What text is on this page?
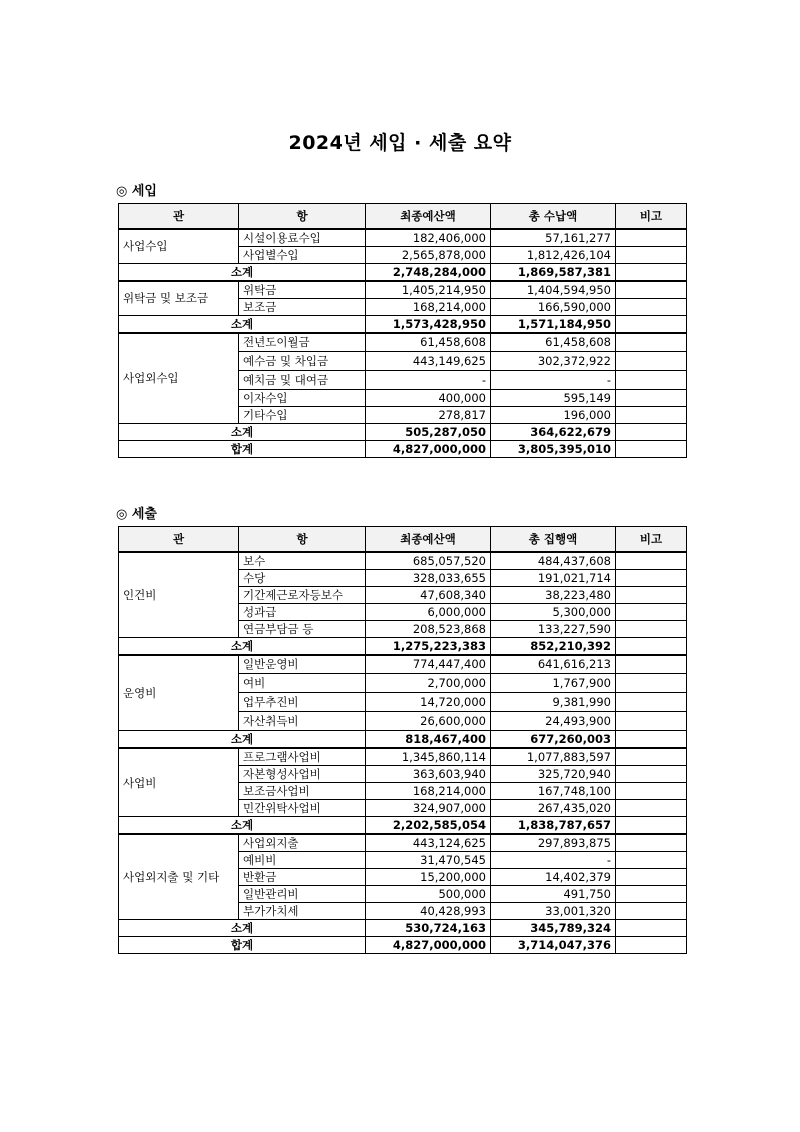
2024년 세입 · 세출 요약
◎ 세입
관	항	최종예산액	총 수납액	비고
사업수입	시설이용료수입	182,406,000	57,161,277	
	사업별수입	2,565,878,000	1,812,426,104	
소계		2,748,284,000	1,869,587,381	
위탁금 및 보조금	위탁금	1,405,214,950	1,404,594,950	
	보조금	168,214,000	166,590,000	
소계		1,573,428,950	1,571,184,950	
사업외수입	전년도이월금	61,458,608	61,458,608	
	예수금 및 차입금	443,149,625	302,372,922	
	예치금 및 대여금	-	-	
	이자수입	400,000	595,149	
	기타수입	278,817	196,000	
소계		505,287,050	364,622,679	
합계		4,827,000,000	3,805,395,010	
◎ 세출
관	항	최종예산액	총 집행액	비고
인건비	보수	685,057,520	484,437,608	
	수당	328,033,655	191,021,714	
	기간제근로자등보수	47,608,340	38,223,480	
	성과급	6,000,000	5,300,000	
	연금부담금 등	208,523,868	133,227,590	
소계		1,275,223,383	852,210,392	
운영비	일반운영비	774,447,400	641,616,213	
	여비	2,700,000	1,767,900	
	업무추진비	14,720,000	9,381,990	
	자산취득비	26,600,000	24,493,900	
소계		818,467,400	677,260,003	
사업비	프로그램사업비	1,345,860,114	1,077,883,597	
	자본형성사업비	363,603,940	325,720,940	
	보조금사업비	168,214,000	167,748,100	
	민간위탁사업비	324,907,000	267,435,020	
소계		2,202,585,054	1,838,787,657	
사업외지출 및 기타	사업외지출	443,124,625	297,893,875	
	예비비	31,470,545	-	
	반환금	15,200,000	14,402,379	
	일반관리비	500,000	491,750	
	부가가치세	40,428,993	33,001,320	
소계		530,724,163	345,789,324	
합계		4,827,000,000	3,714,047,376	
